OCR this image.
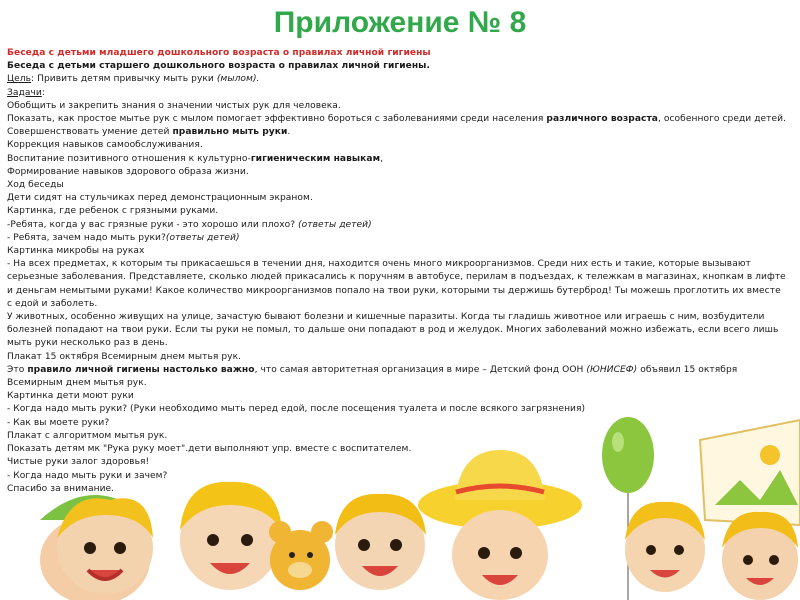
Приложение № 8

Беседа с детьми младшего дошкольного возраста о правилах личной гигиены

Беседа с детьми старшего дошкольного возраста о правилах личной гигиены.

Цель: Привить детям привычку мыть руки (мылом).

Задачи:

Обобщить и закрепить знания о значении чистых рук для человека.

Показать, как простое мытье рук с мылом помогает эффективно бороться с заболеваниями среди населения различного возраста, особенного среди детей.

Совершенствовать умение детей правильно мыть руки.

Коррекция навыков самообслуживания.

Воспитание позитивного отношения к культурно-гигиеническим навыкам,

Формирование навыков здорового образа жизни.

Ход беседы

Дети сидят на стульчиках перед демонстрационным экраном.

Картинка, где ребенок с грязными руками.

-Ребята, когда у вас грязные руки - это хорошо или плохо? (ответы детей)

- Ребята, зачем надо мыть руки?(ответы детей)

Картинка микробы на руках

- На всех предметах, к которым ты прикасаешься в течении дня, находится очень много микроорганизмов. Среди них есть и такие, которые вызывают серьезные заболевания. Представляете, сколько людей прикасались к поручням в автобусе, перилам в подъездах, к тележкам в магазинах, кнопкам в лифте и деньгам немытыми руками! Какое количество микроорганизмов попало на твои руки, которыми ты держишь бутерброд! Ты можешь проглотить их вместе с едой и заболеть.

У животных, особенно живущих на улице, зачастую бывают болезни и кишечные паразиты. Когда ты гладишь животное или играешь с ним, возбудители болезней попадают на твои руки. Если ты руки не помыл, то дальше они попадают в род и желудок. Многих заболеваний можно избежать, если всего лишь мыть руки несколько раз в день.

Плакат 15 октября Всемирным днем мытья рук.

Это правило личной гигиены настолько важно, что самая авторитетная организация в мире – Детский фонд ООН (ЮНИСЕФ) объявил 15 октября Всемирным днем мытья рук.

Картинка дети моют руки

- Когда надо мыть руки? (Руки необходимо мыть перед едой, после посещения туалета и после всякого загрязнения)

- Как вы моете руки?

Плакат с алгоритмом мытья рук.

Показать детям мк "Рука руку моет".дети выполняют упр. вместе с воспитателем.

Чистые руки залог здоровья!

- Когда надо мыть руки и зачем?

Спасибо за внимание.
